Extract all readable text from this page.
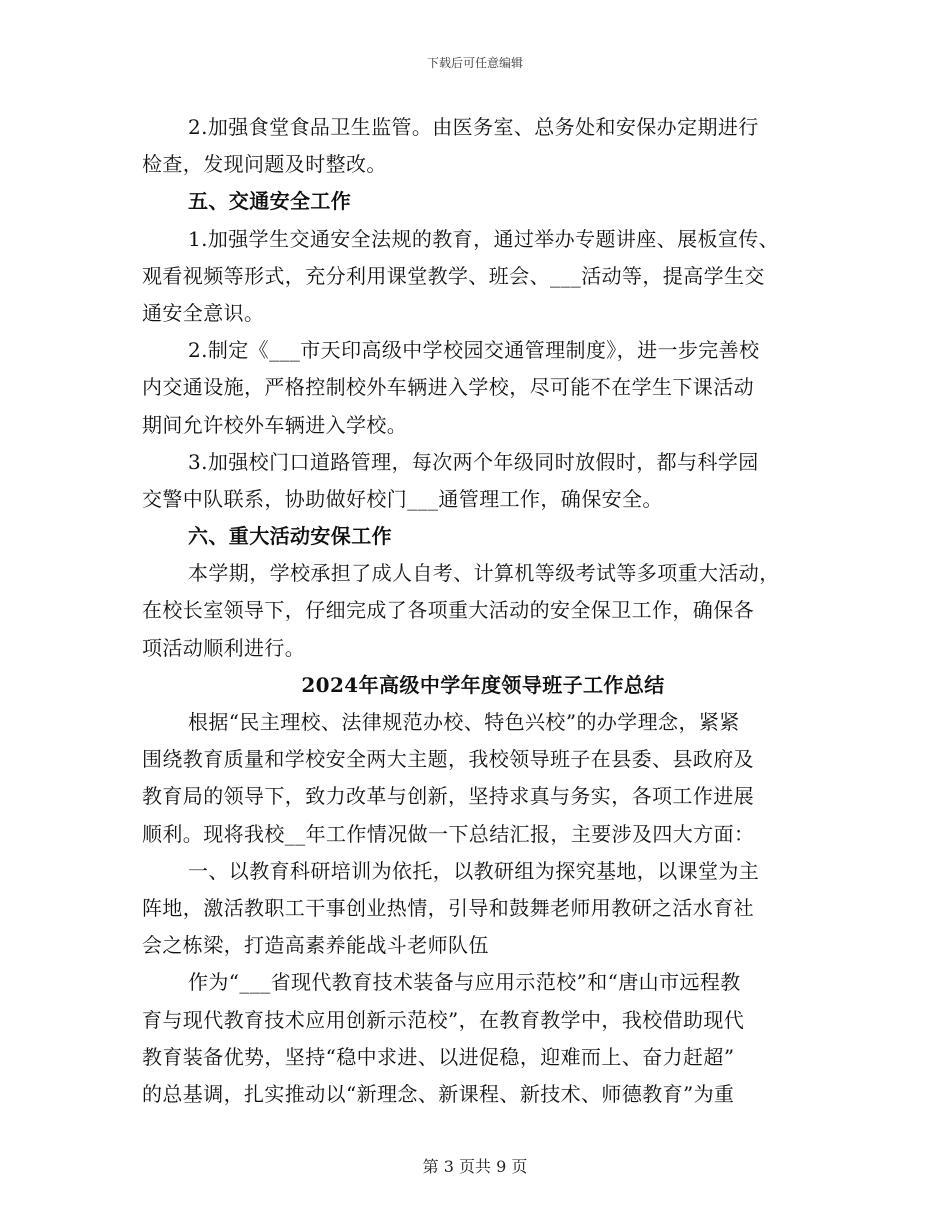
下载后可任意编辑
2.加强食堂食品卫生监管。由医务室、总务处和安保办定期进行
检查，发现问题及时整改。
五、交通安全工作
1.加强学生交通安全法规的教育，通过举办专题讲座、展板宣传、
观看视频等形式，充分利用课堂教学、班会、___活动等，提高学生交
通安全意识。
2.制定《___市天印高级中学校园交通管理制度》，进一步完善校
内交通设施，严格控制校外车辆进入学校，尽可能不在学生下课活动
期间允许校外车辆进入学校。
3.加强校门口道路管理，每次两个年级同时放假时，都与科学园
交警中队联系，协助做好校门___通管理工作，确保安全。
六、重大活动安保工作
本学期，学校承担了成人自考、计算机等级考试等多项重大活动，
在校长室领导下，仔细完成了各项重大活动的安全保卫工作，确保各
项活动顺利进行。
2024年高级中学年度领导班子工作总结
根据“民主理校、法律规范办校、特色兴校”的办学理念，紧紧
围绕教育质量和学校安全两大主题，我校领导班子在县委、县政府及
教育局的领导下，致力改革与创新，坚持求真与务实，各项工作进展
顺利。现将我校__年工作情况做一下总结汇报，主要涉及四大方面：
一、以教育科研培训为依托，以教研组为探究基地，以课堂为主
阵地，激活教职工干事创业热情，引导和鼓舞老师用教研之活水育社
会之栋梁，打造高素养能战斗老师队伍
作为“___省现代教育技术装备与应用示范校”和“唐山市远程教
育与现代教育技术应用创新示范校”，在教育教学中，我校借助现代
教育装备优势，坚持“稳中求进、以进促稳，迎难而上、奋力赶超”
的总基调，扎实推动以“新理念、新课程、新技术、师德教育”为重
第 3 页共 9 页
